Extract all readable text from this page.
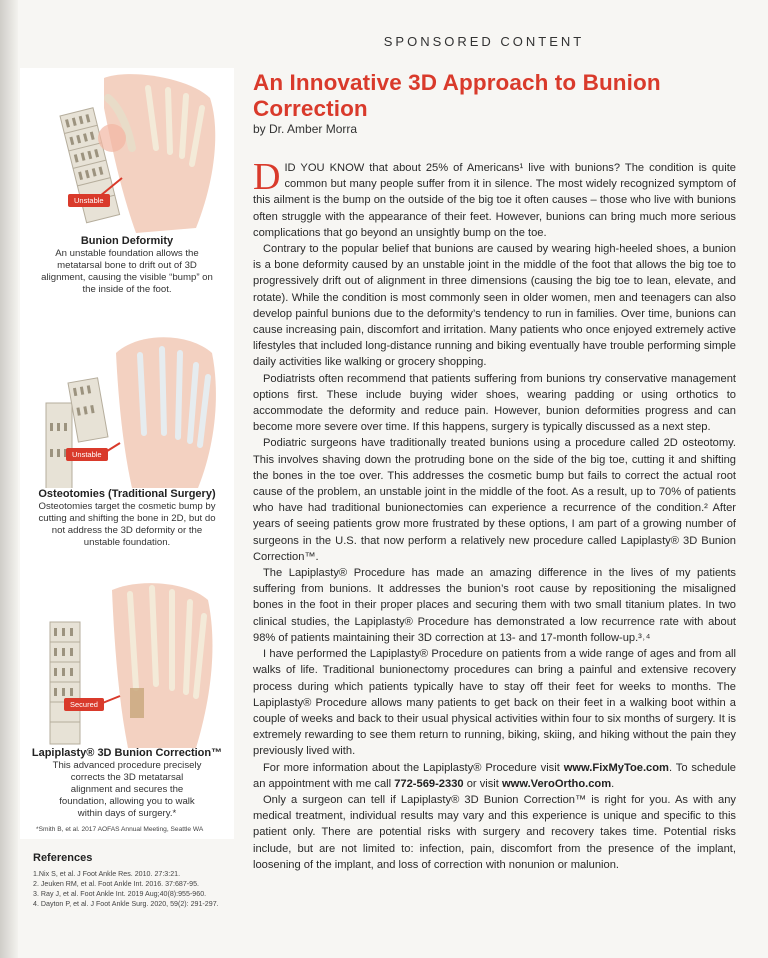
SPONSORED CONTENT
An Innovative 3D Approach to Bunion Correction
by Dr. Amber Morra
Unstable
Bunion Deformity
An unstable foundation allows the metatarsal bone to drift out of 3D alignment, causing the visible “bump” on the inside of the foot.
Unstable
Osteotomies (Traditional Surgery)
Osteotomies target the cosmetic bump by cutting and shifting the bone in 2D, but do not address the 3D deformity or the unstable foundation.
Secured
Lapiplasty® 3D Bunion Correction™
This advanced procedure precisely corrects the 3D metatarsal alignment and secures the foundation, allowing you to walk within days of surgery.*
*Smith B, et al. 2017 AOFAS Annual Meeting, Seattle WA
References
1.Nix S, et al. J Foot Ankle Res. 2010. 27:3:21.
2. Jeuken RM, et al. Foot Ankle Int. 2016. 37:687-95.
3. Ray J, et al. Foot Ankle Int. 2019 Aug;40(8):955-960.
4. Dayton P, et al. J Foot Ankle Surg. 2020, 59(2): 291-297.

DID YOU KNOW that about 25% of Americans¹ live with bunions? The condition is quite common but many people suffer from it in silence. The most widely recognized symptom of this ailment is the bump on the outside of the big toe it often causes – those who live with bunions often struggle with the appearance of their feet. However, bunions can bring much more serious complications that go beyond an unsightly bump on the toe.

Contrary to the popular belief that bunions are caused by wearing high-heeled shoes, a bunion is a bone deformity caused by an unstable joint in the middle of the foot that allows the big toe to progressively drift out of alignment in three dimensions (causing the big toe to lean, elevate, and rotate). While the condition is most commonly seen in older women, men and teenagers can also develop painful bunions due to the deformity’s tendency to run in families. Over time, bunions can cause increasing pain, discomfort and irritation. Many patients who once enjoyed extremely active lifestyles that included long-distance running and biking eventually have trouble performing simple daily activities like walking or grocery shopping.

Podiatrists often recommend that patients suffering from bunions try conservative management options first. These include buying wider shoes, wearing padding or using orthotics to accommodate the deformity and reduce pain. However, bunion deformities progress and can become more severe over time. If this happens, surgery is typically discussed as a next step.

Podiatric surgeons have traditionally treated bunions using a procedure called 2D osteotomy. This involves shaving down the protruding bone on the side of the big toe, cutting it and shifting the bones in the toe over. This addresses the cosmetic bump but fails to correct the actual root cause of the problem, an unstable joint in the middle of the foot. As a result, up to 70% of patients who have had traditional bunionectomies can experience a recurrence of the condition.² After years of seeing patients grow more frustrated by these options, I am part of a growing number of surgeons in the U.S. that now perform a relatively new procedure called Lapiplasty® 3D Bunion Correction™.

The Lapiplasty® Procedure has made an amazing difference in the lives of my patients suffering from bunions. It addresses the bunion’s root cause by repositioning the misaligned bones in the foot in their proper places and securing them with two small titanium plates. In two clinical studies, the Lapiplasty® Procedure has demonstrated a low recurrence rate with about 98% of patients maintaining their 3D correction at 13- and 17-month follow-up.³˒⁴

I have performed the Lapiplasty® Procedure on patients from a wide range of ages and from all walks of life. Traditional bunionectomy procedures can bring a painful and extensive recovery process during which patients typically have to stay off their feet for weeks to months. The Lapiplasty® Procedure allows many patients to get back on their feet in a walking boot within a couple of weeks and back to their usual physical activities within four to six months of surgery. It is extremely rewarding to see them return to running, biking, skiing, and hiking without the pain they previously lived with.

For more information about the Lapiplasty® Procedure visit www.FixMyToe.com. To schedule an appointment with me call 772-569-2330 or visit www.VeroOrtho.com.

Only a surgeon can tell if Lapiplasty® 3D Bunion Correction™ is right for you. As with any medical treatment, individual results may vary and this experience is unique and specific to this patient only. There are potential risks with surgery and recovery takes time. Potential risks include, but are not limited to: infection, pain, discomfort from the presence of the implant, loosening of the implant, and loss of correction with nonunion or malunion.
